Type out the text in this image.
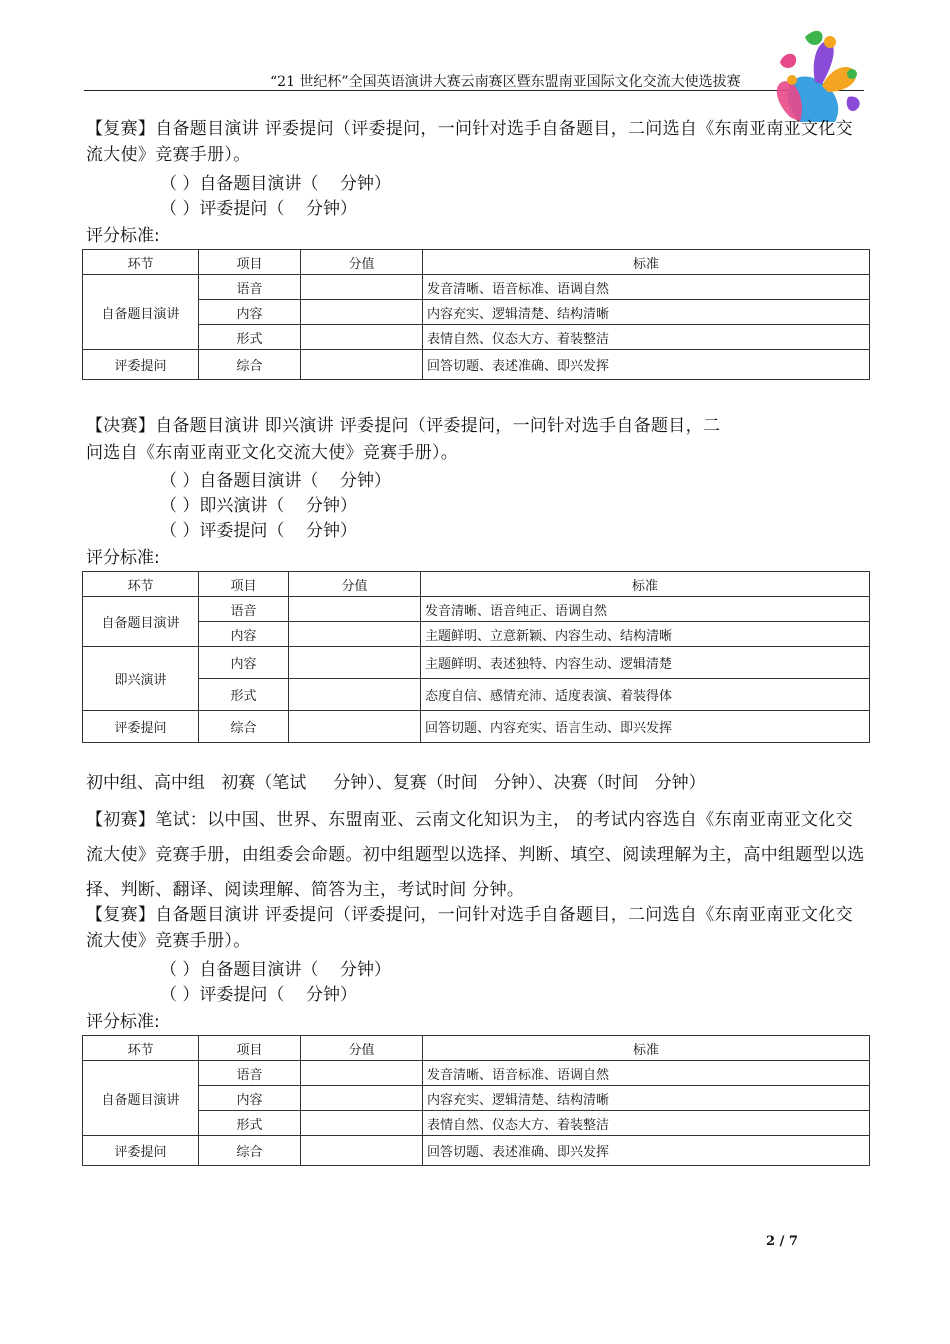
“21 世纪杯”全国英语演讲大赛云南赛区暨东盟南亚国际文化交流大使选拔赛

【复赛】自备题目演讲 评委提问（评委提问，一问针对选手自备题目，二问选自《东南亚南亚文化交流大使》竞赛手册）。

（ ）自备题目演讲（    分钟）
（ ）评委提问（    分钟）
评分标准:
环节	项目	分值	标准
自备题目演讲	语音		发音清晰、语音标准、语调自然
	内容		内容充实、逻辑清楚、结构清晰
	形式		表情自然、仪态大方、着装整洁
评委提问	综合		回答切题、表述准确、即兴发挥
【决赛】自备题目演讲 即兴演讲 评委提问（评委提问，一问针对选手自备题目，二
问选自《东南亚南亚文化交流大使》竞赛手册）。
（ ）自备题目演讲（    分钟）
（ ）即兴演讲（    分钟）
（ ）评委提问（    分钟）
评分标准:
环节	项目	分值	标准
自备题目演讲	语音		发音清晰、语音纯正、语调自然
	内容		主题鲜明、立意新颖、内容生动、结构清晰
即兴演讲	内容		主题鲜明、表述独特、内容生动、逻辑清楚
	形式		态度自信、感情充沛、适度表演、着装得体
评委提问	综合		回答切题、内容充实、语言生动、即兴发挥
初中组、高中组   初赛（笔试     分钟）、复赛（时间   分钟）、决赛（时间   分钟）

【初赛】笔试：以中国、世界、东盟南亚、云南文化知识为主， 的考试内容选自《东南亚南亚文化交流大使》竞赛手册，由组委会命题。初中组题型以选择、判断、填空、阅读理解为主，高中组题型以选择、判断、翻译、阅读理解、简答为主，考试时间 分钟。

【复赛】自备题目演讲 评委提问（评委提问，一问针对选手自备题目，二问选自《东南亚南亚文化交流大使》竞赛手册）。

（ ）自备题目演讲（    分钟）
（ ）评委提问（    分钟）
评分标准:
环节	项目	分值	标准
自备题目演讲	语音		发音清晰、语音标准、语调自然
	内容		内容充实、逻辑清楚、结构清晰
	形式		表情自然、仪态大方、着装整洁
评委提问	综合		回答切题、表述准确、即兴发挥
2 / 7
